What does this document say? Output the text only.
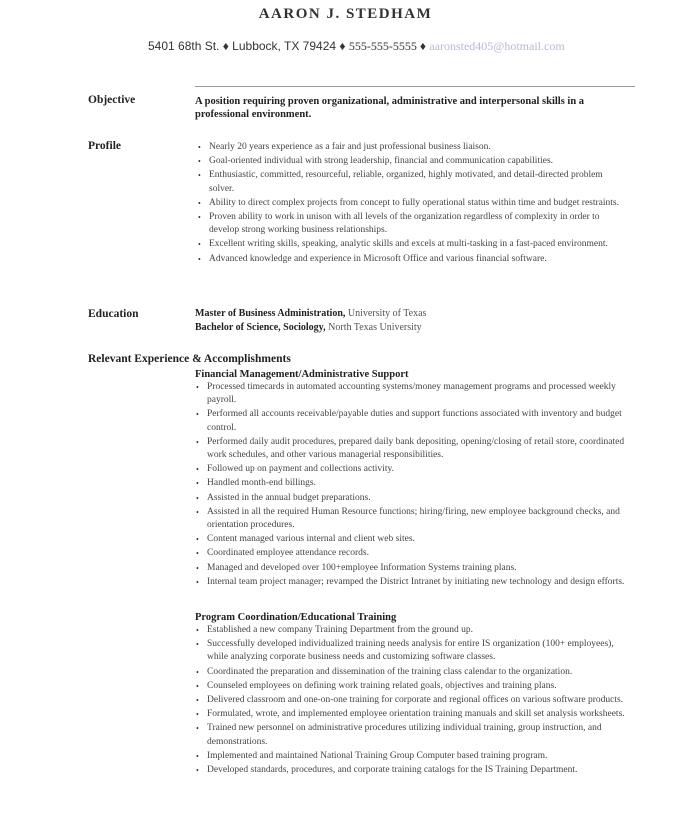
AARON J. STEDHAM
5401 68th St. ♦ Lubbock, TX 79424 ♦ 555-555-5555 ♦ aaronsted405@hotmail.com
Objective	A position requiring proven organizational, administrative and interpersonal skills in a professional environment.
Profile
•	Nearly 20 years experience as a fair and just professional business liaison.
• Goal-oriented individual with strong leadership, financial and communication capabilities.
• Enthusiastic, committed, resourceful, reliable, organized, highly motivated, and detail-directed problem solver.
• Ability to direct complex projects from concept to fully operational status within time and budget restraints.
• Proven ability to work in unison with all levels of the organization regardless of complexity in order to develop strong working business relationships.
• Excellent writing skills, speaking, analytic skills and excels at multi-tasking in a fast-paced environment.
• Advanced knowledge and experience in Microsoft Office and various financial software.
Education	Master of Business Administration, University of Texas
Bachelor of Science, Sociology, North Texas University
Relevant Experience & Accomplishments
Financial Management/Administrative Support
• Processed timecards in automated accounting systems/money management programs and processed weekly payroll.
• Performed all accounts receivable/payable duties and support functions associated with inventory and budget control.
• Performed daily audit procedures, prepared daily bank depositing, opening/closing of retail store, coordinated work schedules, and other various managerial responsibilities.
• Followed up on payment and collections activity.
• Handled month-end billings.
• Assisted in the annual budget preparations.
• Assisted in all the required Human Resource functions; hiring/firing, new employee background checks, and orientation procedures.
• Content managed various internal and client web sites.
• Coordinated employee attendance records.
• Managed and developed over 100+employee Information Systems training plans.
• Internal team project manager; revamped the District Intranet by initiating new technology and design efforts.
Program Coordination/Educational Training
• Established a new company Training Department from the ground up.
• Successfully developed individualized training needs analysis for entire IS organization (100+ employees), while analyzing corporate business needs and customizing software classes.
• Coordinated the preparation and dissemination of the training class calendar to the organization.
• Counseled employees on defining work training related goals, objectives and training plans.
• Delivered classroom and one-on-one training for corporate and regional offices on various software products.
• Formulated, wrote, and implemented employee orientation training manuals and skill set analysis worksheets.
• Trained new personnel on administrative procedures utilizing individual training, group instruction, and demonstrations.
• Implemented and maintained National Training Group Computer based training program.
• Developed standards, procedures, and corporate training catalogs for the IS Training Department.
